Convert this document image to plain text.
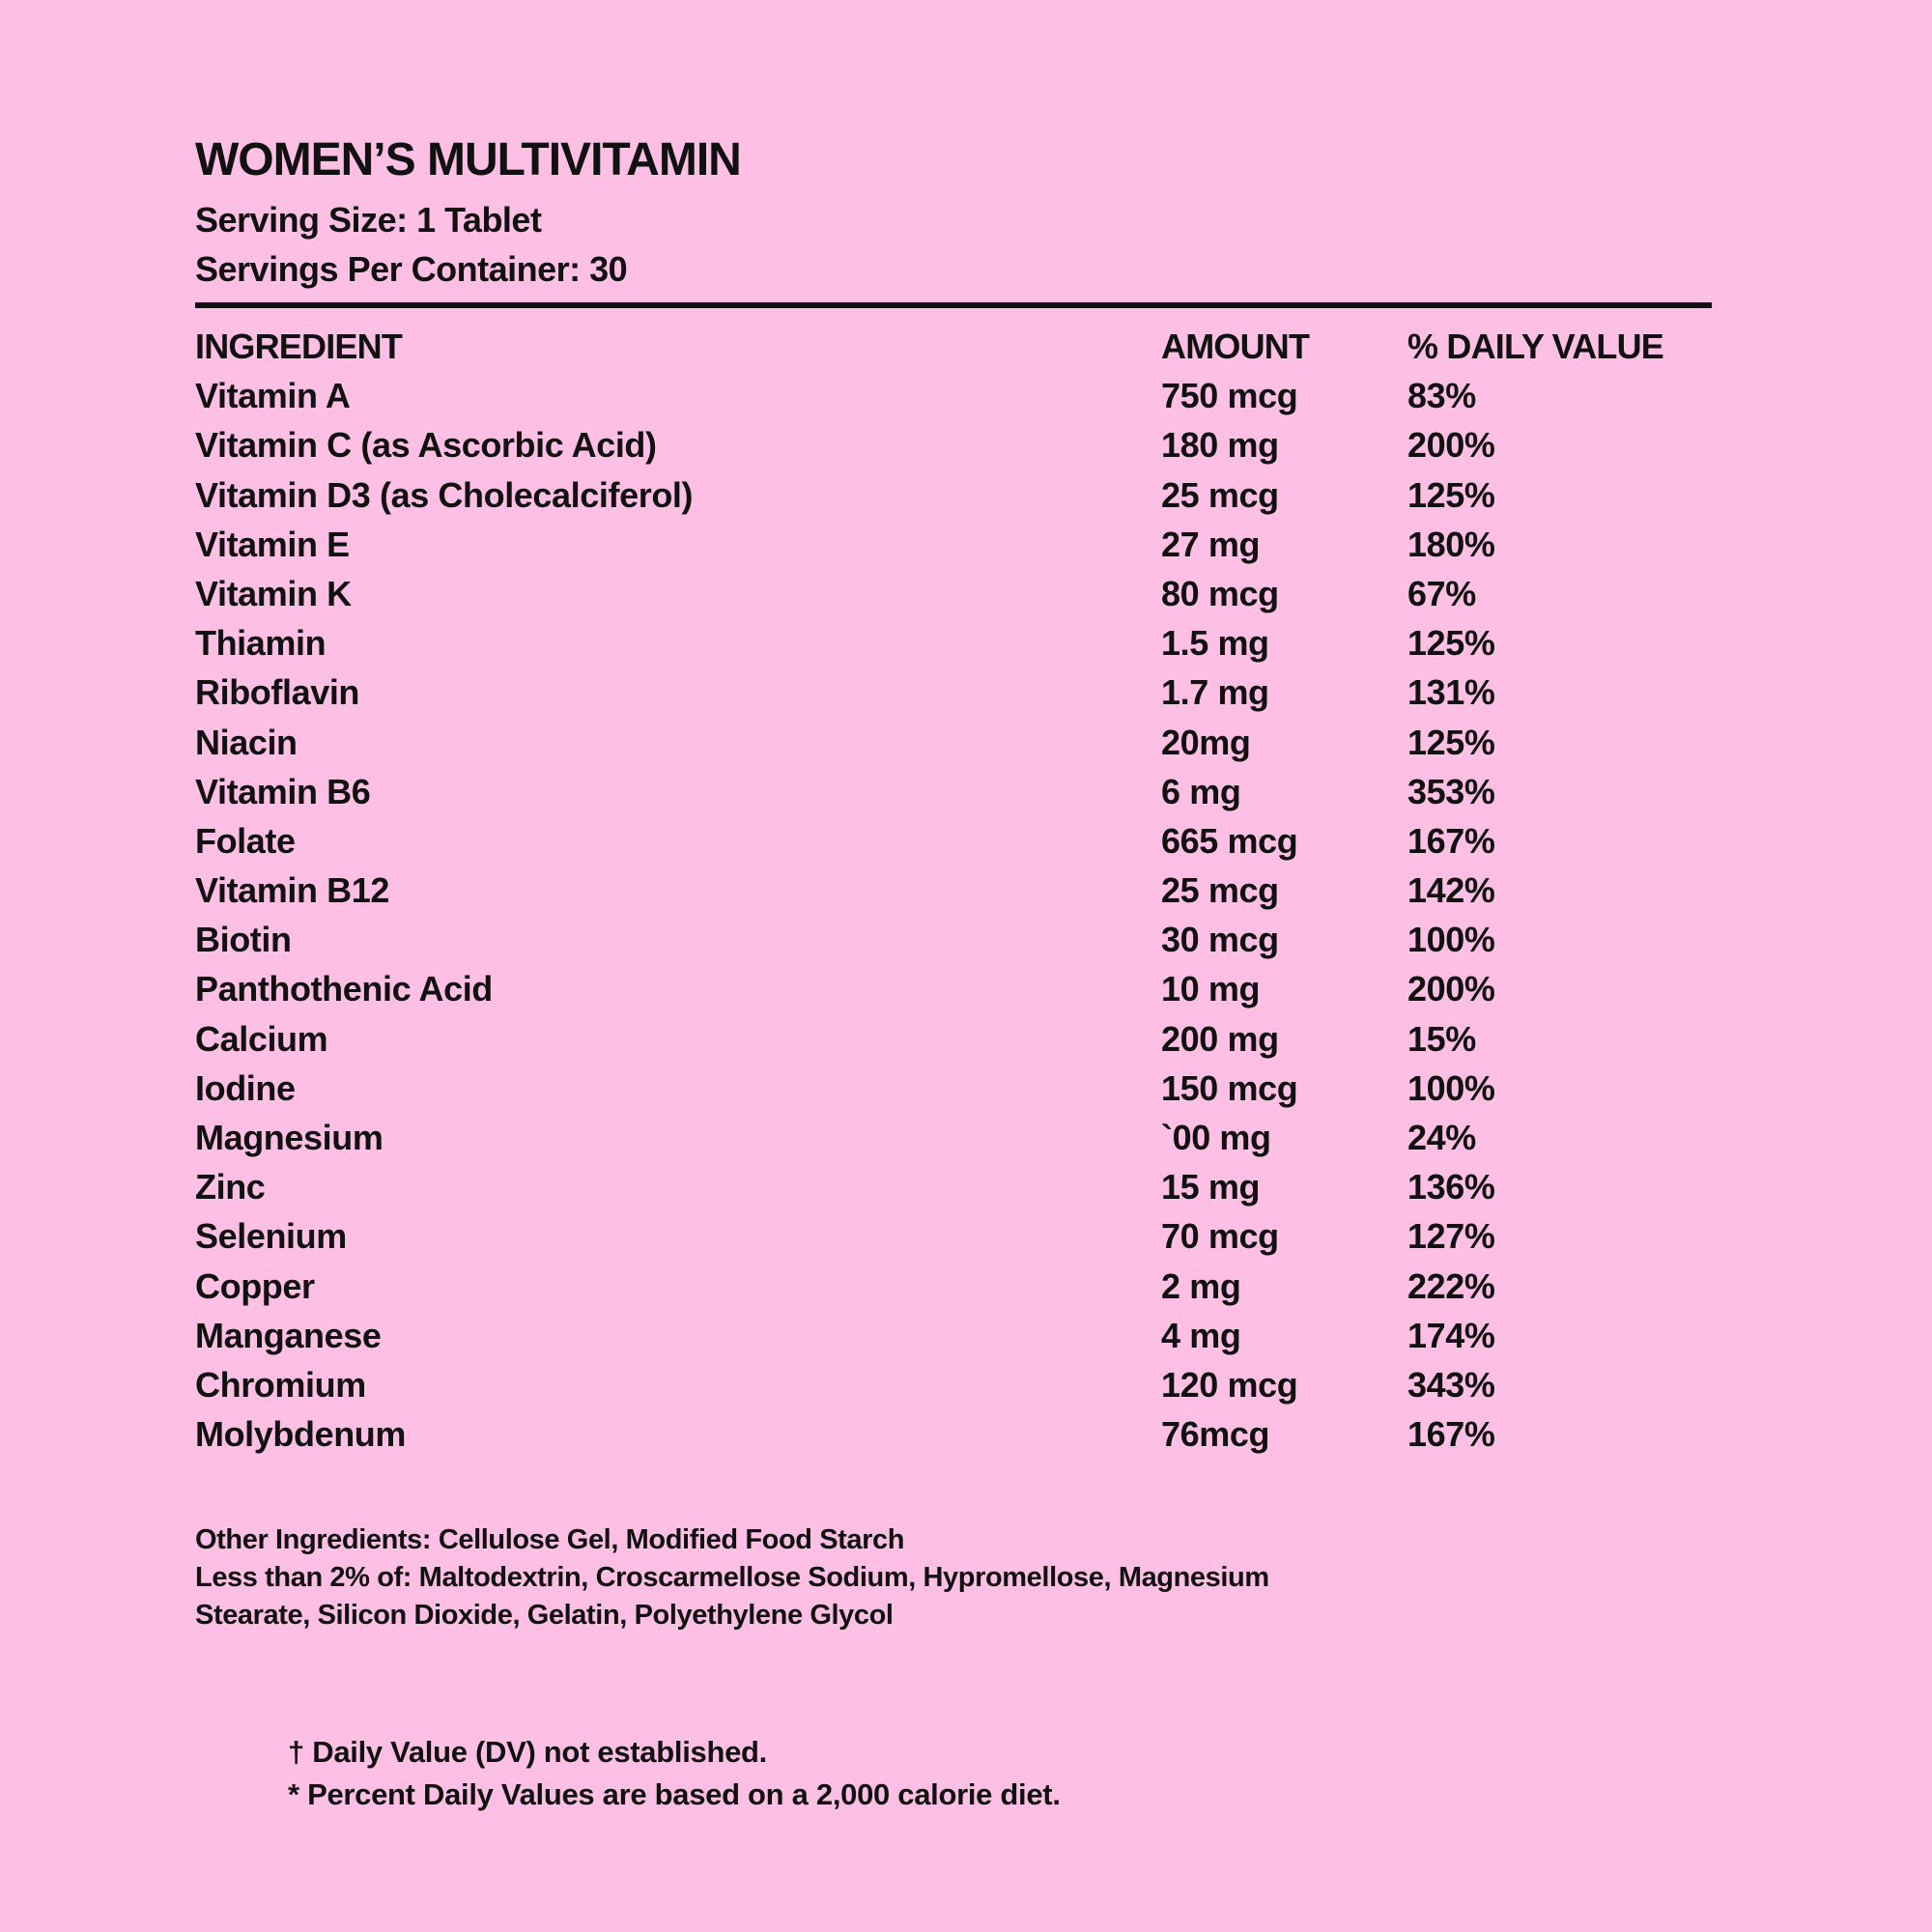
WOMEN’S MULTIVITAMIN
Serving Size: 1 Tablet
Servings Per Container: 30
INGREDIENT	AMOUNT	% DAILY VALUE
Vitamin A	750 mcg	83%
Vitamin C (as Ascorbic Acid)	180 mg	200%
Vitamin D3 (as Cholecalciferol)	25 mcg	125%
Vitamin E	27 mg	180%
Vitamin K	80 mcg	67%
Thiamin	1.5 mg	125%
Riboflavin	1.7 mg	131%
Niacin	20mg	125%
Vitamin B6	6 mg	353%
Folate	665 mcg	167%
Vitamin B12	25 mcg	142%
Biotin	30 mcg	100%
Panthothenic Acid	10 mg	200%
Calcium	200 mg	15%
Iodine	150 mcg	100%
Magnesium	`00 mg	24%
Zinc	15 mg	136%
Selenium	70 mcg	127%
Copper	2 mg	222%
Manganese	4 mg	174%
Chromium	120 mcg	343%
Molybdenum	76mcg	167%
Other Ingredients: Cellulose Gel, Modified Food Starch
Less than 2% of: Maltodextrin, Croscarmellose Sodium, Hypromellose, Magnesium
Stearate, Silicon Dioxide, Gelatin, Polyethylene Glycol
† Daily Value (DV) not established.
* Percent Daily Values are based on a 2,000 calorie diet.
